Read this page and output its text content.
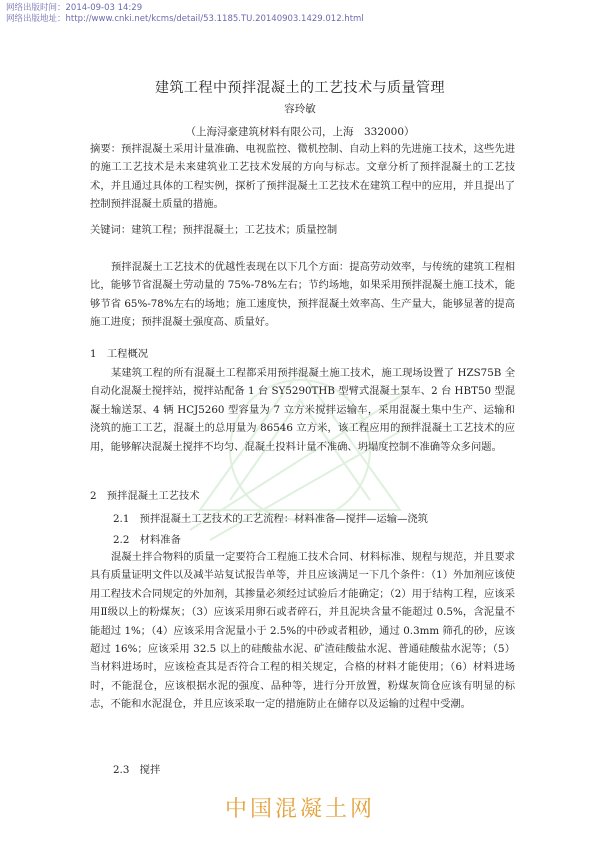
网络出版时间：2014-09-03 14:29
网络出版地址：http://www.cnki.net/kcms/detail/53.1185.TU.20140903.1429.012.html
建筑工程中预拌混凝土的工艺技术与质量管理
容玲敏
（上海浔豪建筑材料有限公司，上海　332000）
摘要：预拌混凝土采用计量准确、电视监控、微机控制、自动上料的先进施工技术，这些先进的施工工艺技术是未来建筑业工艺技术发展的方向与标志。文章分析了预拌混凝土的工艺技术，并且通过具体的工程实例，探析了预拌混凝土工艺技术在建筑工程中的应用，并且提出了控制预拌混凝土质量的措施。
关键词：建筑工程；预拌混凝土；工艺技术；质量控制
预拌混凝土工艺技术的优越性表现在以下几个方面：提高劳动效率，与传统的建筑工程相比，能够节省混凝土劳动量的 75%-78%左右；节约场地，如果采用预拌混凝土施工技术，能够节省 65%-78%左右的场地；施工速度快，预拌混凝土效率高、生产量大，能够显著的提高施工进度；预拌混凝土强度高、质量好。
1　工程概况
某建筑工程的所有混凝土工程都采用预拌混凝土施工技术，施工现场设置了 HZS75B 全自动化混凝土搅拌站，搅拌站配备 1 台 SY5290THB 型臂式混凝土泵车、2 台 HBT50 型混凝土输送泵、4 辆 HCJ5260 型容量为 7 立方米搅拌运输车，采用混凝土集中生产、运输和浇筑的施工工艺，混凝土的总用量为 86546 立方米，该工程应用的预拌混凝土工艺技术的应用，能够解决混凝土搅拌不均匀、混凝土投料计量不准确、坍塌度控制不准确等众多问题。
2　预拌混凝土工艺技术
2.1　预拌混凝土工艺技术的工艺流程：材料准备—搅拌—运输—浇筑
2.2　材料准备
混凝土拌合物料的质量一定要符合工程施工技术合同、材料标准、规程与规范，并且要求具有质量证明文件以及减半站复试报告单等，并且应该满足一下几个条件：（1）外加剂应该使用工程技术合同规定的外加剂，其掺量必须经过试验后才能确定；（2）用于结构工程，应该采用Ⅱ级以上的粉煤灰；（3）应该采用卵石或者碎石，并且泥块含量不能超过 0.5%，含泥量不能超过 1%；（4）应该采用含泥量小于 2.5%的中砂或者粗砂，通过 0.3mm 筛孔的砂，应该超过 16%；应该采用 32.5 以上的硅酸盐水泥、矿渣硅酸盐水泥、普通硅酸盐水泥等；（5）当材料进场时，应该检查其是否符合工程的相关规定，合格的材料才能使用；（6）材料进场时，不能混仓，应该根据水泥的强度、品种等，进行分开放置，粉煤灰筒仓应该有明显的标志，不能和水泥混仓，并且应该采取一定的措施防止在储存以及运输的过程中受潮。
2.3　搅拌
中国混凝土网
